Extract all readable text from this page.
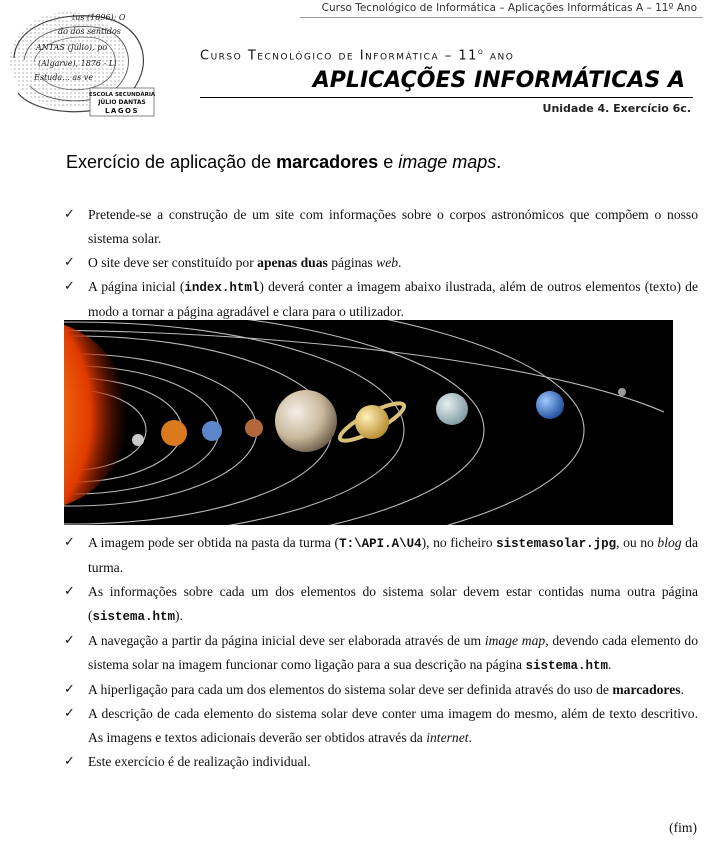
Curso Tecnológico de Informática – Aplicações Informáticas A – 11º Ano
tus (1896); O
do dos sentidos
ANTAS (Júlio), po
(Algarve), 1876 - Li
Estuda... as ve
ESCOLA SECUNDÁRIA
JÚLIO DANTAS
LAGOS
Curso Tecnológico de Informática – 11$^o$ ano
APLICAÇÕES INFORMÁTICAS A
Unidade 4. Exercício 6c.
Exercício de aplicação de marcadores e image maps.
✓ Pretende-se a construção de um site com informações sobre o corpos astronómicos que compõem o nosso sistema solar.
✓ O site deve ser constituído por apenas duas páginas web.
✓ A página inicial (index.html) deverá conter a imagem abaixo ilustrada, além de outros elementos (texto) de modo a tornar a página agradável e clara para o utilizador.
✓ A imagem pode ser obtida na pasta da turma (T:\API.A\U4), no ficheiro sistemasolar.jpg, ou no blog da turma.
✓ As informações sobre cada um dos elementos do sistema solar devem estar contidas numa outra página (sistema.htm).
✓ A navegação a partir da página inicial deve ser elaborada através de um image map, devendo cada elemento do sistema solar na imagem funcionar como ligação para a sua descrição na página sistema.htm.
✓ A hiperligação para cada um dos elementos do sistema solar deve ser definida através do uso de marcadores.
✓ A descrição de cada elemento do sistema solar deve conter uma imagem do mesmo, além de texto descritivo. As imagens e textos adicionais deverão ser obtidos através da internet.
✓ Este exercício é de realização individual.
(fim)
